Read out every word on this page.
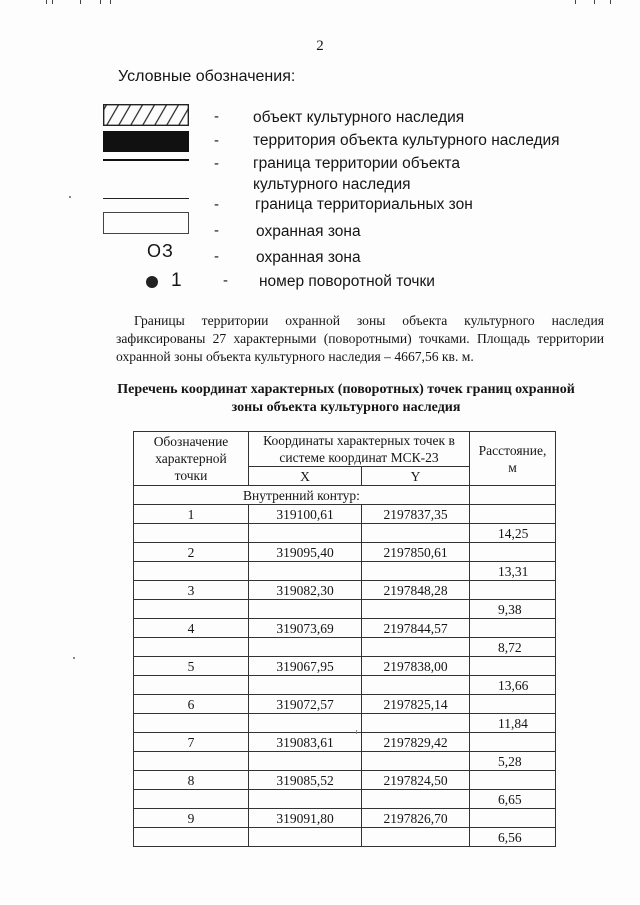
2
Условные обозначения:
ОЗ
1
-
-
-
-
-
-
-
объект культурного наследия
территория объекта культурного наследия
граница территории объекта
культурного наследия
граница территориальных зон
охранная зона
охранная зона
номер поворотной точки
Границы территории охранной зоны объекта культурного наследия зафиксированы 27 характерными (поворотными) точками. Площадь территории охранной зоны объекта культурного наследия – 4667,56 кв. м.
Перечень координат характерных (поворотных) точек границ охранной
зоны объекта культурного наследия
Обозначение характерной точки	Координаты характерных точек в системе координат МСК-23		Расстояние, м
	X	Y	
Внутренний контур:			
1	319100,61	2197837,35	
			14,25
2	319095,40	2197850,61	
			13,31
3	319082,30	2197848,28	
			9,38
4	319073,69	2197844,57	
			8,72
5	319067,95	2197838,00	
			13,66
6	319072,57	2197825,14	
			11,84
7	319083,61	2197829,42	
			5,28
8	319085,52	2197824,50	
			6,65
9	319091,80	2197826,70	
			6,56
